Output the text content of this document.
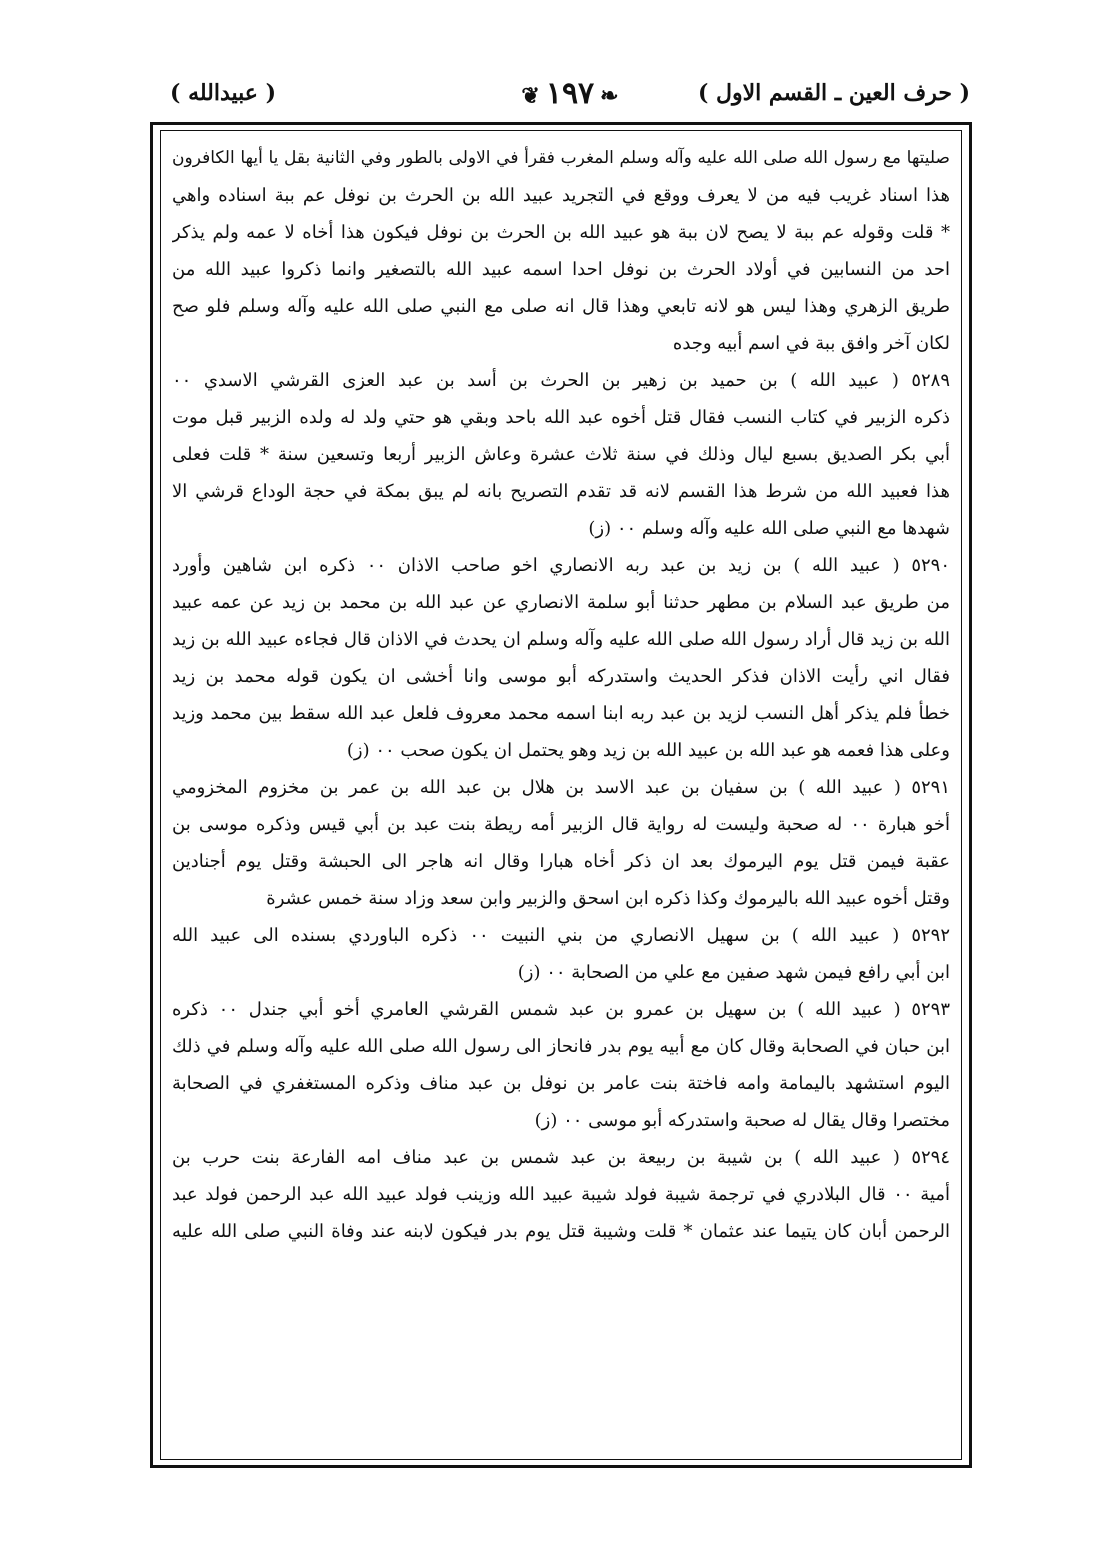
( حرف العين ـ القسم الاول )
❦ ١٩٧ ❧
( عبيدالله )
صليتها مع رسول الله صلى الله عليه وآله وسلم المغرب فقرأ في الاولى بالطور وفي الثانية بقل يا أيها الكافرون
هذا اسناد غريب فيه من لا يعرف ووقع في التجريد عبيد الله بن الحرث بن نوفل عم ببة اسناده واهي
* قلت وقوله عم ببة لا يصح لان ببة هو عبيد الله بن الحرث بن نوفل فيكون هذا أخاه لا عمه ولم يذكر
احد من النسابين في أولاد الحرث بن نوفل احدا اسمه عبيد الله بالتصغير وانما ذكروا عبيد الله من
طريق الزهري وهذا ليس هو لانه تابعي وهذا قال انه صلى مع النبي صلى الله عليه وآله وسلم فلو صح
لكان آخر وافق ببة في اسم أبيه وجده
٥٢٨٩ ( عبيد الله ) بن حميد بن زهير بن الحرث بن أسد بن عبد العزى القرشي الاسدي ٠٠
ذكره الزبير في كتاب النسب فقال قتل أخوه عبد الله باحد وبقي هو حتي ولد له ولده الزبير قبل موت
أبي بكر الصديق بسبع ليال وذلك في سنة ثلاث عشرة وعاش الزبير أربعا وتسعين سنة * قلت فعلى
هذا فعبيد الله من شرط هذا القسم لانه قد تقدم التصريح بانه لم يبق بمكة في حجة الوداع قرشي الا
شهدها مع النبي صلى الله عليه وآله وسلم ٠٠ (ز)
٥٢٩٠ ( عبيد الله ) بن زيد بن عبد ربه الانصاري اخو صاحب الاذان ٠٠ ذكره ابن شاهين وأورد
من طريق عبد السلام بن مطهر حدثنا أبو سلمة الانصاري عن عبد الله بن محمد بن زيد عن عمه عبيد
الله بن زيد قال أراد رسول الله صلى الله عليه وآله وسلم ان يحدث في الاذان قال فجاءه عبيد الله بن زيد
فقال اني رأيت الاذان فذكر الحديث واستدركه أبو موسى وانا أخشى ان يكون قوله محمد بن زيد
خطأ فلم يذكر أهل النسب لزيد بن عبد ربه ابنا اسمه محمد معروف فلعل عبد الله سقط بين محمد وزيد
وعلى هذا فعمه هو عبد الله بن عبيد الله بن زيد وهو يحتمل ان يكون صحب ٠٠ (ز)
٥٢٩١ ( عبيد الله ) بن سفيان بن عبد الاسد بن هلال بن عبد الله بن عمر بن مخزوم المخزومي
أخو هبارة ٠٠ له صحبة وليست له رواية قال الزبير أمه ريطة بنت عبد بن أبي قيس وذكره موسى بن
عقبة فيمن قتل يوم اليرموك بعد ان ذكر أخاه هبارا وقال انه هاجر الى الحبشة وقتل يوم أجنادين
وقتل أخوه عبيد الله باليرموك وكذا ذكره ابن اسحق والزبير وابن سعد وزاد سنة خمس عشرة
٥٢٩٢ ( عبيد الله ) بن سهيل الانصاري من بني النبيت ٠٠ ذكره الباوردي بسنده الى عبيد الله
ابن أبي رافع فيمن شهد صفين مع علي من الصحابة ٠٠ (ز)
٥٢٩٣ ( عبيد الله ) بن سهيل بن عمرو بن عبد شمس القرشي العامري أخو أبي جندل ٠٠ ذكره
ابن حبان في الصحابة وقال كان مع أبيه يوم بدر فانحاز الى رسول الله صلى الله عليه وآله وسلم في ذلك
اليوم استشهد باليمامة وامه فاختة بنت عامر بن نوفل بن عبد مناف وذكره المستغفري في الصحابة
مختصرا وقال يقال له صحبة واستدركه أبو موسى ٠٠ (ز)
٥٢٩٤ ( عبيد الله ) بن شيبة بن ربيعة بن عبد شمس بن عبد مناف امه الفارعة بنت حرب بن
أمية ٠٠ قال البلادري في ترجمة شيبة فولد شيبة عبيد الله وزينب فولد عبيد الله عبد الرحمن فولد عبد
الرحمن أبان كان يتيما عند عثمان * قلت وشيبة قتل يوم بدر فيكون لابنه عند وفاة النبي صلى الله عليه
